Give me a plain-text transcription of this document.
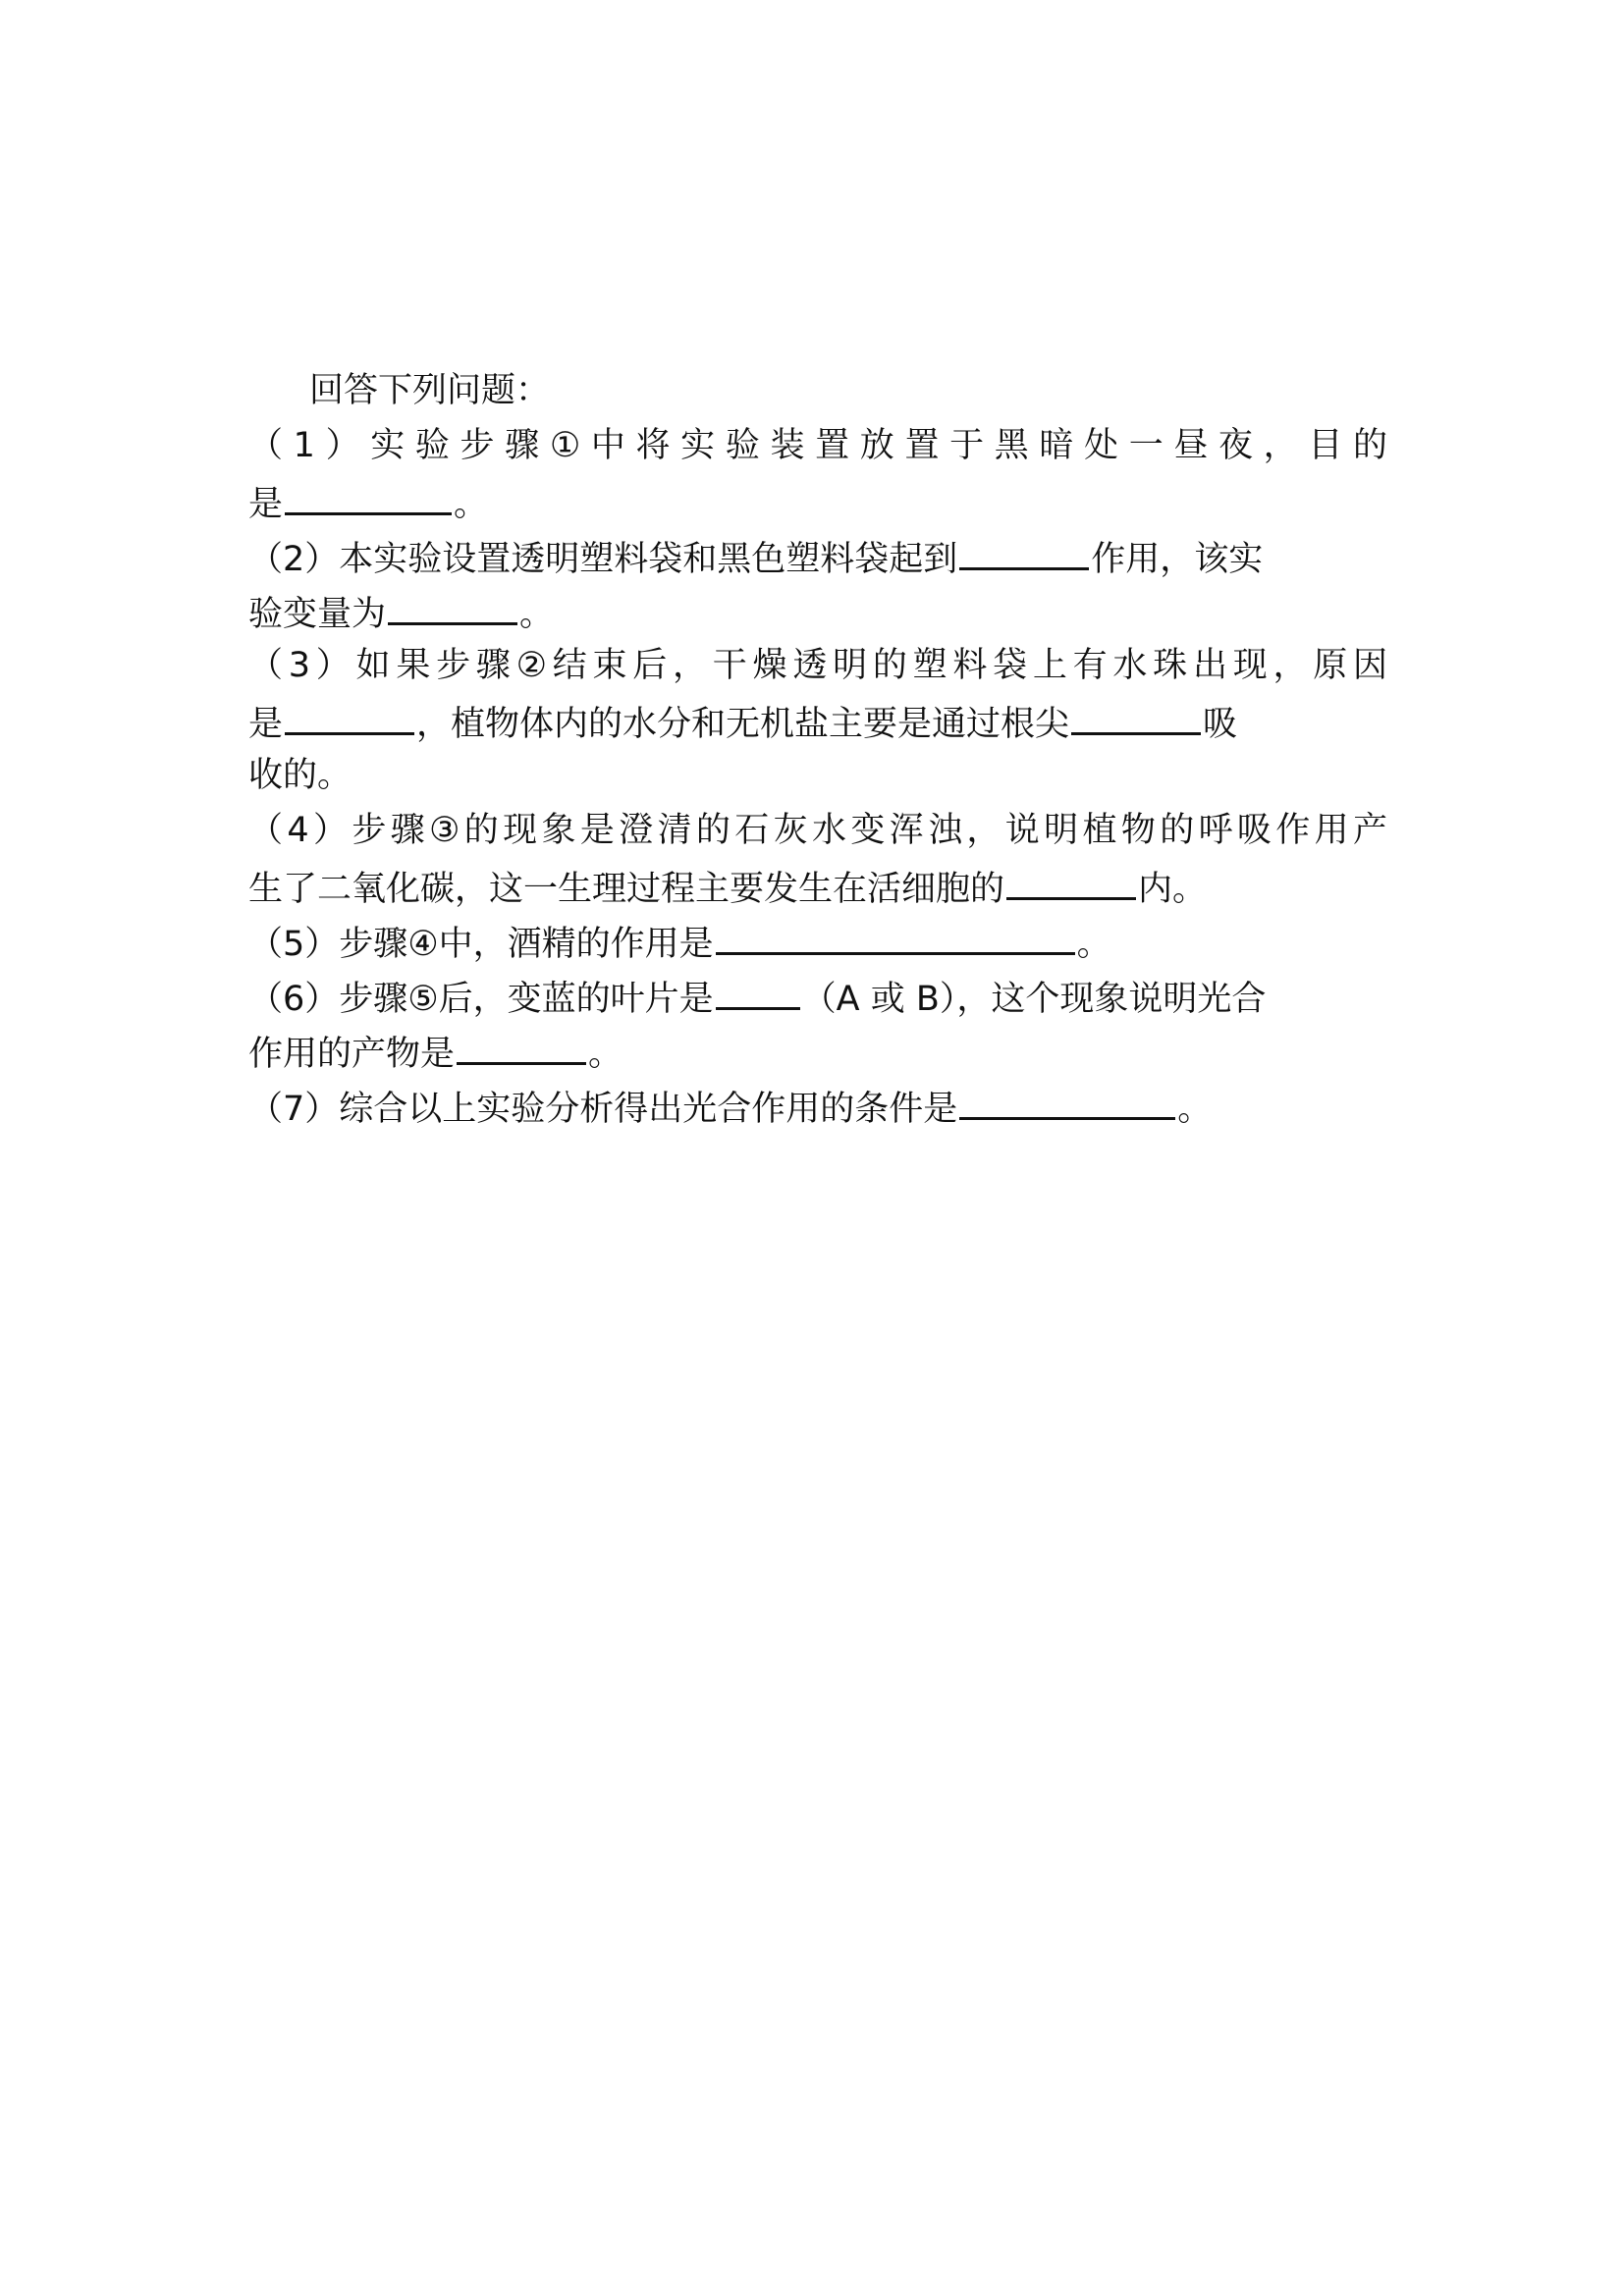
回答下列问题：
（1）实验步骤①中将实验装置放置于黑暗处一昼夜，目的
是	。
（2）本实验设置透明塑料袋和黑色塑料袋起到	作用，该实
验变量为	。
（3）如果步骤②结束后，干燥透明的塑料袋上有水珠出现，原因
是	，植物体内的水分和无机盐主要是通过根尖	吸
收的。
（4）步骤③的现象是澄清的石灰水变浑浊，说明植物的呼吸作用产
生了二氧化碳，这一生理过程主要发生在活细胞的	内。
（5）步骤④中，酒精的作用是	。
（6）步骤⑤后，变蓝的叶片是	（A 或 B），这个现象说明光合
作用的产物是	。
（7）综合以上实验分析得出光合作用的条件是	。
